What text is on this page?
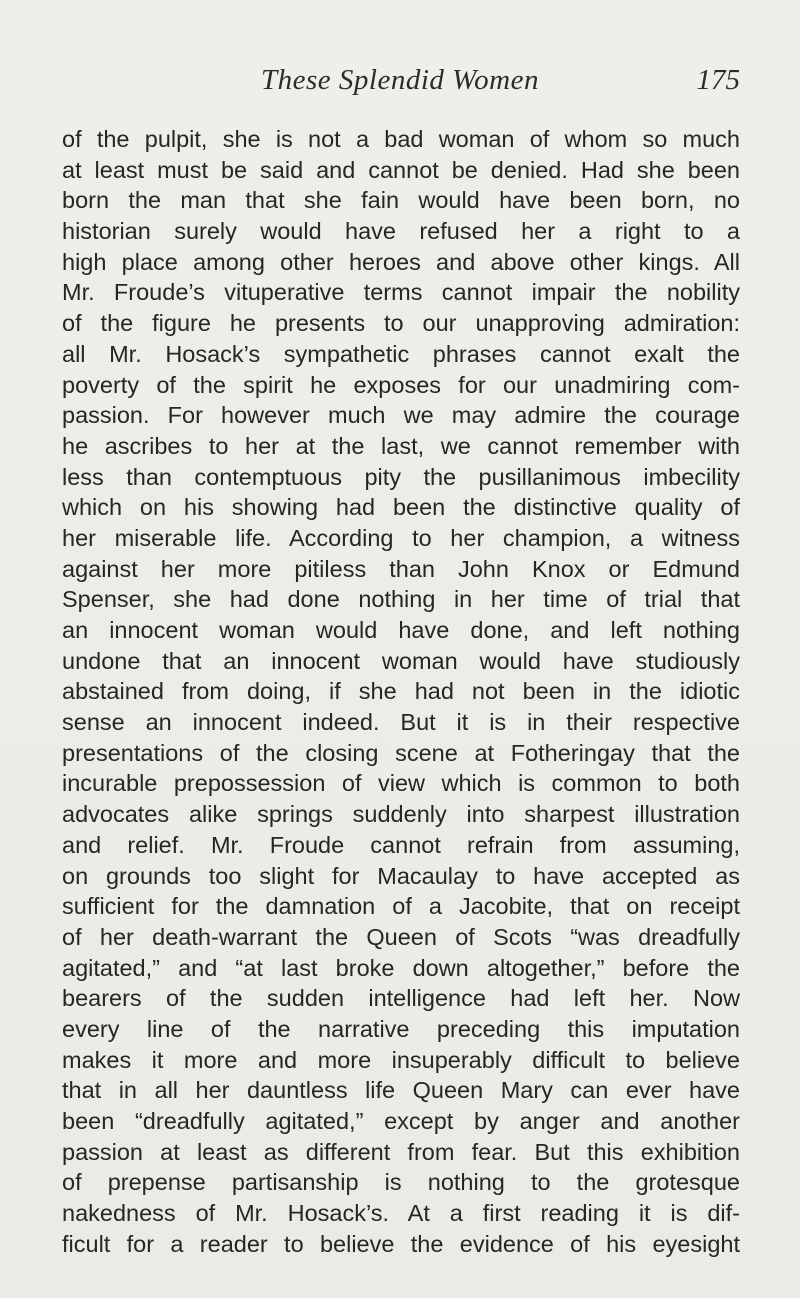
These Splendid Women	175
of the pulpit, she is not a bad woman of whom so much
at least must be said and cannot be denied. Had she been
born the man that she fain would have been born, no
historian surely would have refused her a right to a
high place among other heroes and above other kings. All
Mr. Froude’s vituperative terms cannot impair the nobility
of the figure he presents to our unapproving admiration:
all Mr. Hosack’s sympathetic phrases cannot exalt the
poverty of the spirit he exposes for our unadmiring com-
passion. For however much we may admire the courage
he ascribes to her at the last, we cannot remember with
less than contemptuous pity the pusillanimous imbecility
which on his showing had been the distinctive quality of
her miserable life. According to her champion, a witness
against her more pitiless than John Knox or Edmund
Spenser, she had done nothing in her time of trial that
an innocent woman would have done, and left nothing
undone that an innocent woman would have studiously
abstained from doing, if she had not been in the idiotic
sense an innocent indeed. But it is in their respective
presentations of the closing scene at Fotheringay that the
incurable prepossession of view which is common to both
advocates alike springs suddenly into sharpest illustration
and relief. Mr. Froude cannot refrain from assuming,
on grounds too slight for Macaulay to have accepted as
sufficient for the damnation of a Jacobite, that on receipt
of her death-warrant the Queen of Scots “was dreadfully
agitated,” and “at last broke down altogether,” before the
bearers of the sudden intelligence had left her. Now
every line of the narrative preceding this imputation
makes it more and more insuperably difficult to believe
that in all her dauntless life Queen Mary can ever have
been “dreadfully agitated,” except by anger and another
passion at least as different from fear. But this exhibition
of prepense partisanship is nothing to the grotesque
nakedness of Mr. Hosack’s. At a first reading it is dif-
ficult for a reader to believe the evidence of his eyesight
